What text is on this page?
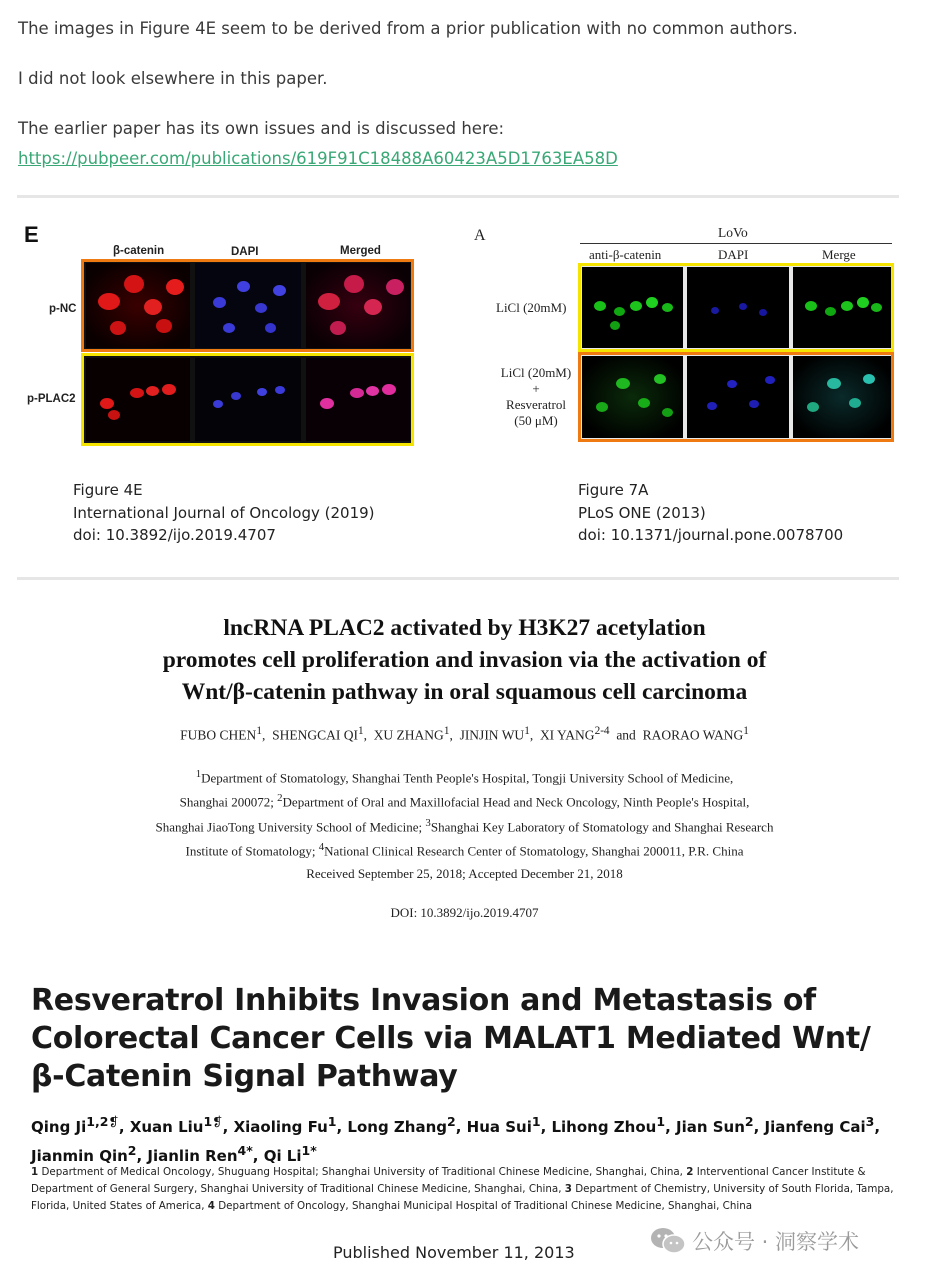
The images in Figure 4E seem to be derived from a prior publication with no common authors.

I did not look elsewhere in this paper.

The earlier paper has its own issues and is discussed here:

https://pubpeer.com/publications/619F91C18488A60423A5D1763EA58D
E
β-catenin	DAPI	Merged
p-NC
p-PLAC2
Figure 4E
International Journal of Oncology (2019)
doi: 10.3892/ijo.2019.4707
A	LoVo
anti-β-catenin	DAPI	Merge
LiCl (20mM)
LiCl (20mM)
+
Resveratrol
(50 μM)
Figure 7A
PLoS ONE (2013)
doi: 10.1371/journal.pone.0078700
lncRNA PLAC2 activated by H3K27 acetylation
promotes cell proliferation and invasion via the activation of
Wnt/β-catenin pathway in oral squamous cell carcinoma
FUBO CHEN$^1$,  SHENGCAI $QI^1$,  XU ZHANG$^1$,  JINJIN $WU^1$,  XI YANG$^{2-4}$ and RAORAO WANG$^1$
$^1$Department of Stomatology, Shanghai Tenth People's Hospital, Tongji University School of Medicine,
Shanghai 200072; $^2$Department of Oral and Maxillofacial Head and Neck Oncology, Ninth People's Hospital,
Shanghai JiaoTong University School of Medicine; $^3$Shanghai Key Laboratory of Stomatology and Shanghai Research
Institute of Stomatology; $^4$National Clinical Research Center of Stomatology, Shanghai 200011, P.R. China
Received September 25, 2018; Accepted December 21, 2018
DOI: 10.3892/ijo.2019.4707
Resveratrol Inhibits Invasion and Metastasis of Colorectal Cancer Cells via MALAT1 Mediated Wnt/β-Catenin Signal Pathway
Qing $Ji^{1,2❡}$, Xuan Liu$^{1❡}$, Xiaoling Fu$^1$, Long Zhang$^2$, Hua Sui$^1$, Lihong Zhou$^1$, Jian Sun$^2$, Jianfeng Cai$^3$, Jianmin Qin$^2$, Jianlin Ren$^{4*}$, Qi $Li^{1*}$
1 Department of Medical Oncology, Shuguang Hospital; Shanghai University of Traditional Chinese Medicine, Shanghai, China, 2 Interventional Cancer Institute & Department of General Surgery, Shanghai University of Traditional Chinese Medicine, Shanghai, China, 3 Department of Chemistry, University of South Florida, Tampa, Florida, United States of America, 4 Department of Oncology, Shanghai Municipal Hospital of Traditional Chinese Medicine, Shanghai, China
Published November 11, 2013	公众号 · 洞察学术
